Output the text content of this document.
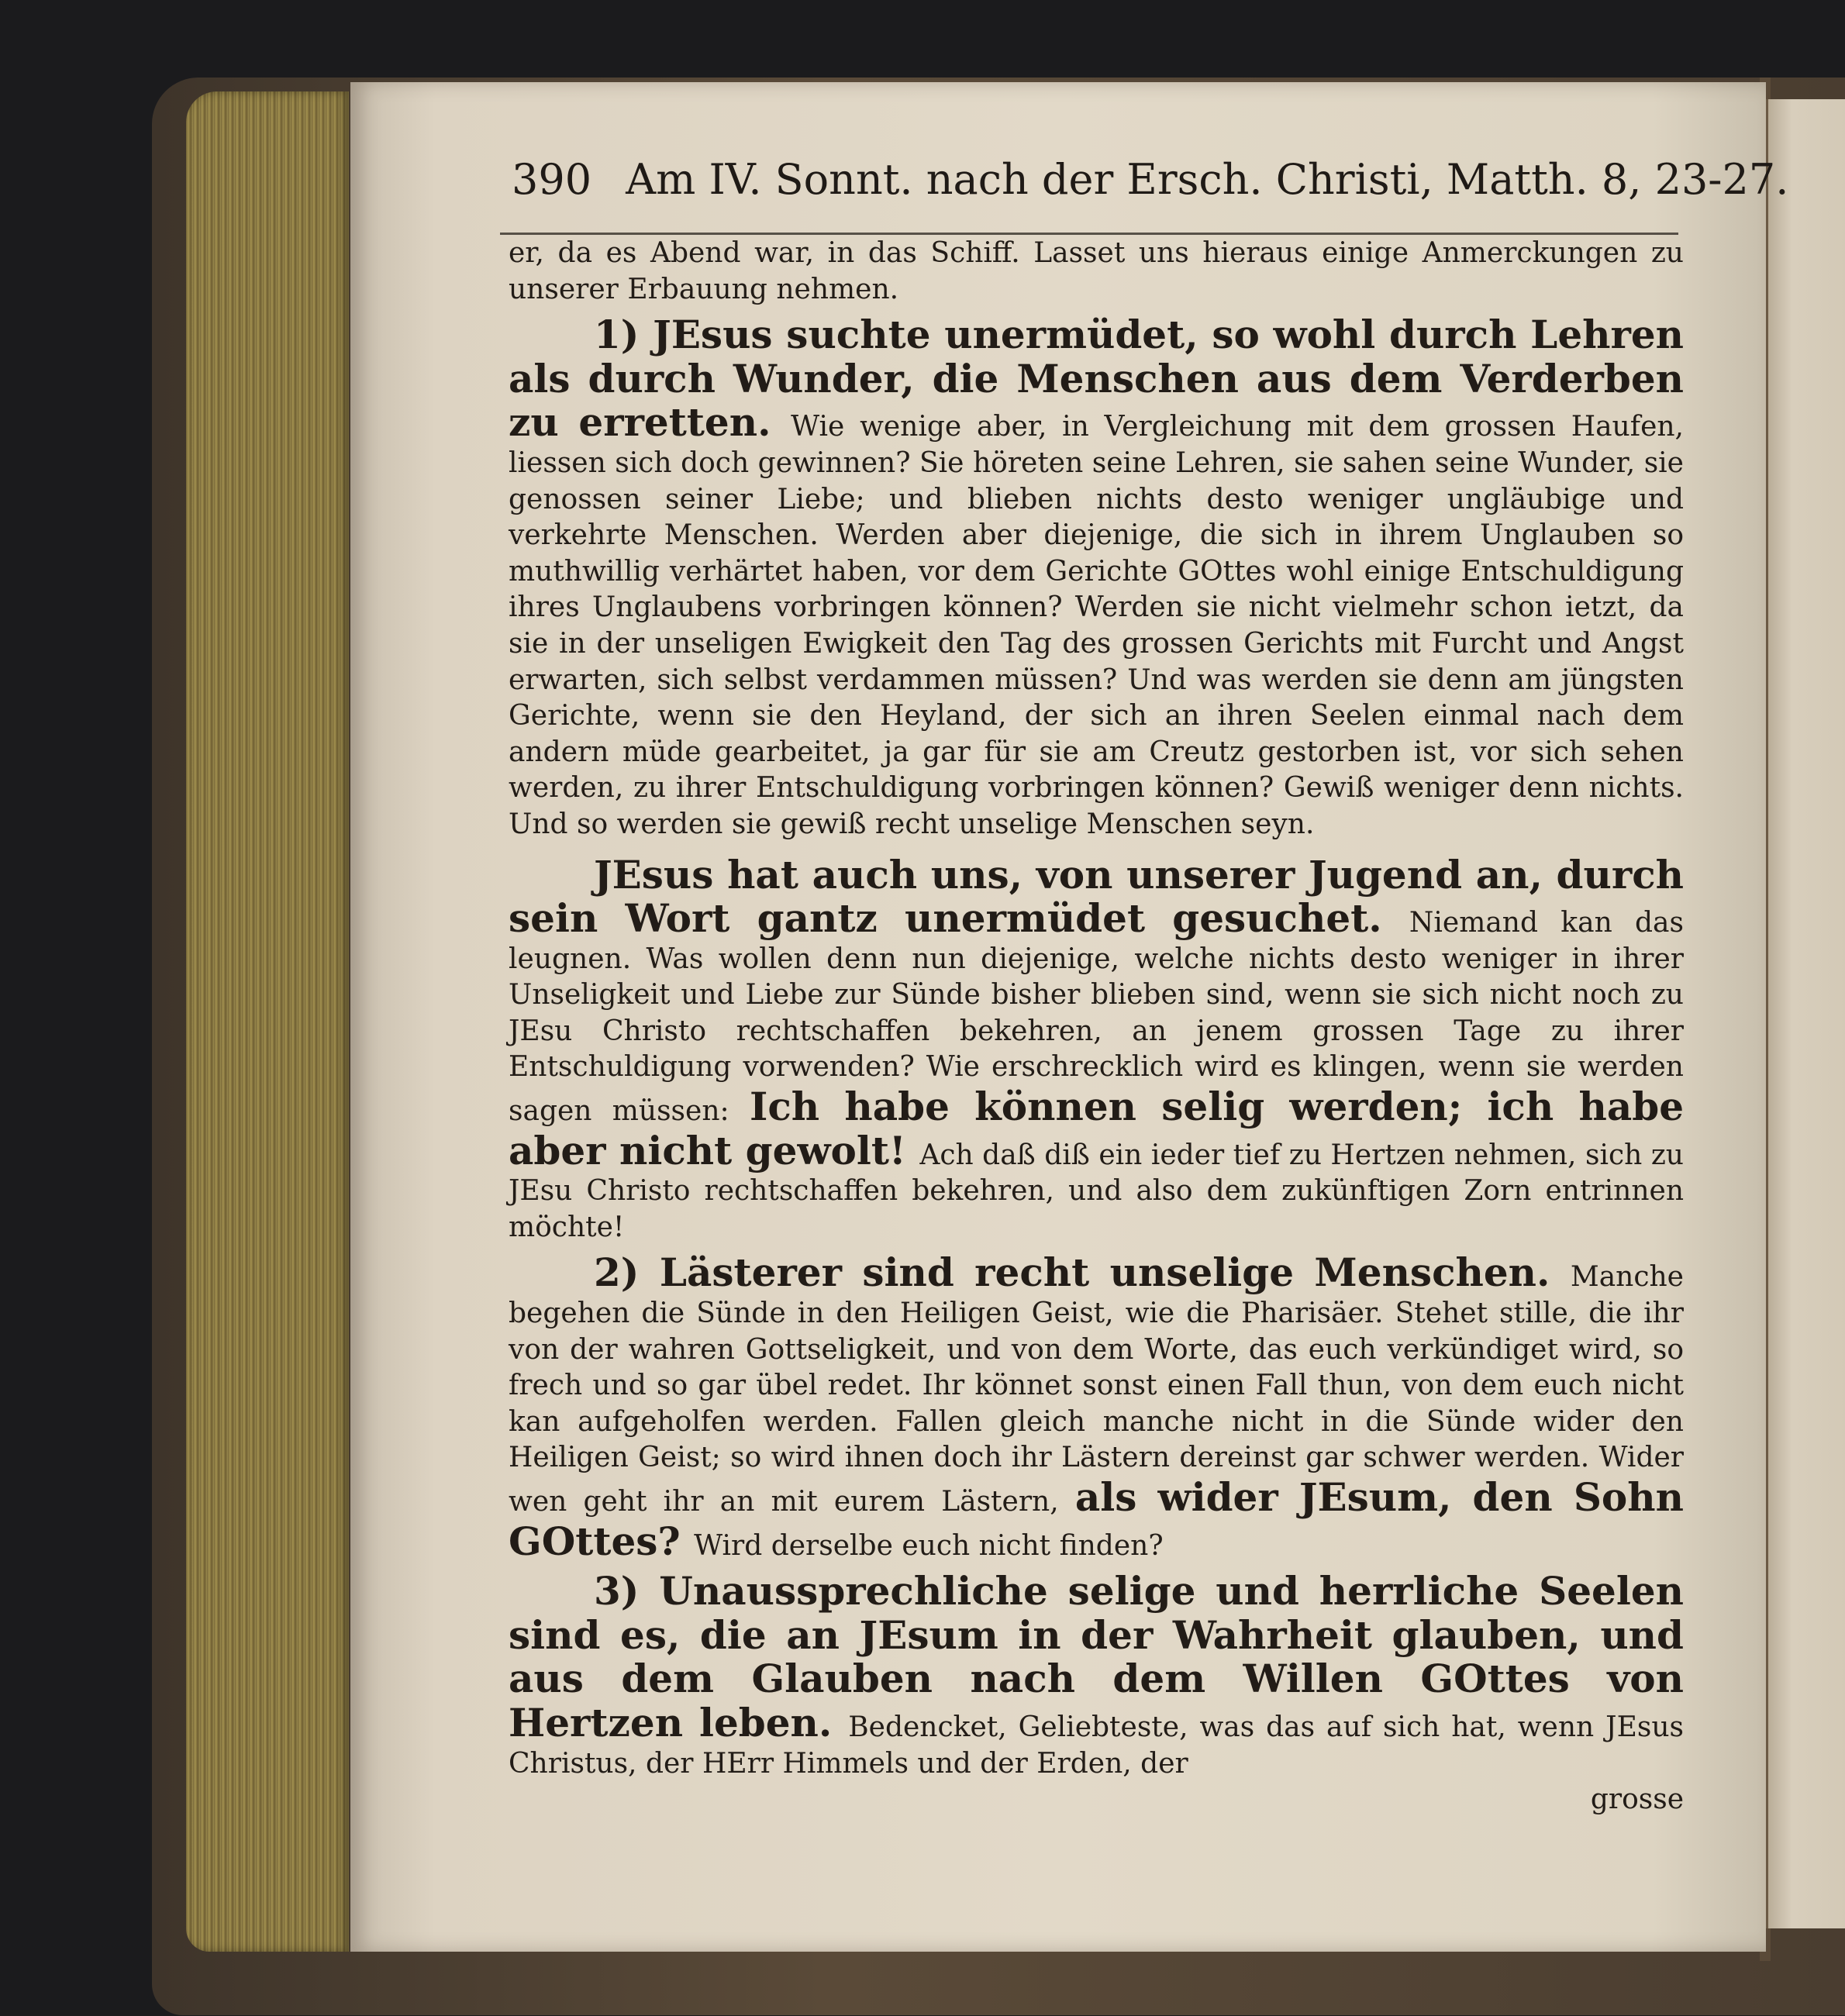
390 Am IV. Sonnt. nach der Ersch. Christi, Matth. 8, 23-27.

er, da es Abend war, in das Schiff. Lasset uns hieraus einige Anmerckungen zu unserer Erbauung nehmen.

1) JEsus suchte unermüdet, so wohl durch Lehren als durch Wunder, die Menschen aus dem Verderben zu erretten. Wie wenige aber, in Vergleichung mit dem grossen Haufen, liessen sich doch gewinnen? Sie höreten seine Lehren, sie sahen seine Wunder, sie genossen seiner Liebe; und blieben nichts desto weniger ungläubige und verkehrte Menschen. Werden aber diejenige, die sich in ihrem Unglauben so muthwillig verhärtet haben, vor dem Gerichte GOttes wohl einige Entschuldigung ihres Unglaubens vorbringen können? Werden sie nicht vielmehr schon ietzt, da sie in der unseligen Ewigkeit den Tag des grossen Gerichts mit Furcht und Angst erwarten, sich selbst verdammen müssen? Und was werden sie denn am jüngsten Gerichte, wenn sie den Heyland, der sich an ihren Seelen einmal nach dem andern müde gearbeitet, ja gar für sie am Creutz gestorben ist, vor sich sehen werden, zu ihrer Entschuldigung vorbringen können? Gewiß weniger denn nichts. Und so werden sie gewiß recht unselige Menschen seyn.

JEsus hat auch uns, von unserer Jugend an, durch sein Wort gantz unermüdet gesuchet. Niemand kan das leugnen. Was wollen denn nun diejenige, welche nichts desto weniger in ihrer Unseligkeit und Liebe zur Sünde bisher blieben sind, wenn sie sich nicht noch zu JEsu Christo rechtschaffen bekehren, an jenem grossen Tage zu ihrer Entschuldigung vorwenden? Wie erschrecklich wird es klingen, wenn sie werden sagen müssen: Ich habe können selig werden; ich habe aber nicht gewolt! Ach daß diß ein ieder tief zu Hertzen nehmen, sich zu JEsu Christo rechtschaffen bekehren, und also dem zukünftigen Zorn entrinnen möchte!

2) Lästerer sind recht unselige Menschen. Manche begehen die Sünde in den Heiligen Geist, wie die Pharisäer. Stehet stille, die ihr von der wahren Gottseligkeit, und von dem Worte, das euch verkündiget wird, so frech und so gar übel redet. Ihr könnet sonst einen Fall thun, von dem euch nicht kan aufgeholfen werden. Fallen gleich manche nicht in die Sünde wider den Heiligen Geist; so wird ihnen doch ihr Lästern dereinst gar schwer werden. Wider wen geht ihr an mit eurem Lästern, als wider JEsum, den Sohn GOttes? Wird derselbe euch nicht finden?

3) Unaussprechliche selige und herrliche Seelen sind es, die an JEsum in der Wahrheit glauben, und aus dem Glauben nach dem Willen GOttes von Hertzen leben. Bedencket, Geliebteste, was das auf sich hat, wenn JEsus Christus, der HErr Himmels und der Erden, der

grosse
